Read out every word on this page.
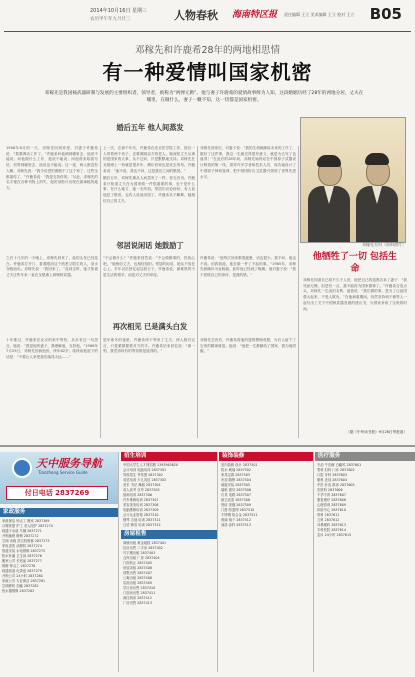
2014年10月16日 星期三
农历甲午年九月廿三	人物春秋 海南特区报 责任编辑 王立 美术编辑 王立 校对 王立 B05
邓稼先和许鹿希28年的两地相思情
有一种爱情叫国家机密
邓稼先是我国核武器研制与发展的主要组织者、领导者，被称为“两弹元勋”。他与妻子许鹿希的爱情故事鲜为人知，这段婚姻历经了28年的两地分居，丈夫在哪里、在做什么，妻子一概不知，这一切都是国家机密。
1958年8月的一天，邓稼先回到家里，对妻子许鹿希说：“我要调动工作了。”许鹿希问他调到哪里去，他说不能说；问他做什么工作，他说不能说；问他将来给我写信，信寄到哪里去，他说也不能说。这一夜，两人都没有入睡。邓稼先说：“我今后恐怕照顾不了这个家了，这些全都靠你了。”许鹿希说：“我是支持你的。”从此，邓稼先的名字便在各种刊物上消失，他的身影只出现在最神秘的地方。
上一次，在那个年代，许鹿希在北京医学院工作，独自一人带着两个孩子，还要照顾双方的老人。她深知丈夫从事的是国家的大事，从不过问，只是默默地支持。邓稼先在戈壁滩上一待就是很多年，偶尔回家也是来去匆匆。许鹿希说：“他不说，我也不问，这是我们之间的默契。”
婚后五年 他人间蒸发
婚后五年，邓稼先像从人间蒸发了一样，杳无音讯。许鹿希只知道丈夫在为国家做一件很重要的事，至于是什么事，在什么地方，她一无所知。邻居们议论纷纷，有人说他犯了错误，也有人说他出国了。许鹿希从不解释，她相信自己的丈夫。
邓稼先回家后，对妻子说：“我的生命就献给未来的工作了，做好了这件事，我这一生就过得很有意义，就是为它死了也值得！”在此后的28年间，邓稼先始终站在中国原子武器设计制造的第一线，领导许多学者和技术人员，成功地设计了中国原子弹和氢弹，把中国国防自卫武器引领到了世界先进水平。
邻居说闲话 她鼓励丁
之后十几年的一天晚上，邓稼先回来了，他的头发已经花白。许鹿希打开门，看着眼前这个熟悉又陌生的人，泪水夺眶而出。邓稼先说：“我回来了。”直到这时，她才知道丈夫这些年来一直在戈壁滩上研制核武器。
“不会做什么？”许鹿希回答说：“不会做错事的，你放心吧。”她相信丈夫，也相信组织。邻居的闲话，她从不放在心上。多年以后回忆起这段日子，许鹿希说，最难熬的不是生活的艰辛，而是对丈夫的牵挂。
许鹿希说：“他每次回来都很疲惫，话也很少。我不问，他也不说。但我知道，他在做一件了不起的事。”1985年，邓稼先被确诊为直肠癌，此时他已经到了晚期。他对妻子说：“我不爱惜自己的身体，是我的错。”
再次相见 已是满头白发
十年都过，许鹿希在北京的家中等待，从未有过一句怨言。她说：“我是他的妻子，我理解他，支持他。”1986年7月29日，邓稼先因病逝世，终年62岁。临终前他留下的话是：“不要让人家把我们落得太远……”
是年寒冬的夜里，许鹿希终于等来了丈夫。两人相对无言，只是紧紧握着对方的手。许鹿希后来回忆说：“那一刻，我觉得所有的等待都是值得的。”
邓稼先去世后，许鹿希将他的遗物整理成册，为后人留下了宝贵的精神财富。她说：“他把一生都献给了国家，我为他骄傲。”
邓稼先夫妇（资料图片）
他牺牲了一切 包括生命
邓稼先知道自己将不久于人世，他把自己的遗愿告诉了妻子：“我死而无憾，但是有一点，我不能再为国家做事了。”许鹿希含泪点头。邓稼先一生淡泊名利，他曾说：“我们做的事，是为了让祖国强大起来，不受人欺负。”在他病重期间，仍然坚持和于敏等人一起写出了关于中国核武器发展的建议书，为国家争取了宝贵的时间。
（据《中华读书报》9月26日等报道）
天中服务导航
Tianzhong Service Guide
付日电话 2837269
家政服务
招生培训
房屋租售
装饰装修	医疗服务
家政保洁 钟点工 搬家 2837269
月嫂育婴 护工 老人陪护 2837270
疏通下水道 马桶 2837271
开锁换锁 修锁 2837272
空调 冰箱 洗衣机维修 2837273
家电清洗 油烟机 2837274
管道安装 水电维修 2837275
防水补漏 卫生间 2837276
搬家公司 长短途 2837277
保姆 钟点工 2837278
疏通管道 化粪池 2837279
开锁公司 24小时 2837280
家政公司 专业保洁 2837281
空调移机 加氟 2837282
热水器维修 2837283
中国大学生人才网招聘 1393965620
会计培训 电脑培训 2837301
驾校招生 考驾照 2837302
英语培训 少儿英语 2837303
美术 书法 舞蹈 2837304
成人高考 自考 2837305
厨师培训 2837306
汽车维修培训 2837307
美容美发培训 2837308
电脑维修培训 2837309
会计从业资格 2837310
钢琴 吉他 培训 2837311
日语 韩语 培训 2837312
商铺出租 黄金地段 2837401
住房出售 二手房 2837402
写字楼出租 2837403
仓库出租 厂房 2837404
门面转让 2837405
房屋求租 2837406
别墅出售 2837407
公寓出租 2837408
店面出租 2837409
学区房出售 2837410
门面房出售 2837411
商住两用 2837412
厂房出售 2837413
室内装修 设计 2837501
防水 刷墙 2837502
家具定做 2837503
吊顶 隔断 2837504
地板安装 2837505
墙纸 窗帘 2837506
灯具 电路 2837507
厨卫改造 2837508
瓷砖 美缝 2837509
门窗 防盗网 2837510
不锈钢 铝合金 2837511
玻璃 镜子 2837512
油漆 涂料 2837513
专治 牛皮癣 白癜风 2837601
男科 妇科 门诊 2837602
口腔 牙科 2837603
眼科 近视 2837604
中医 针灸 推拿 2837605
皮肤科 2837606
不孕不育 2837607
康复理疗 2837608
心理咨询 2837609
体检中心 2837610
骨科 2837611
儿科 2837612
耳鼻喉科 2837613
专科医院 2837614
急诊 24小时 2837615
